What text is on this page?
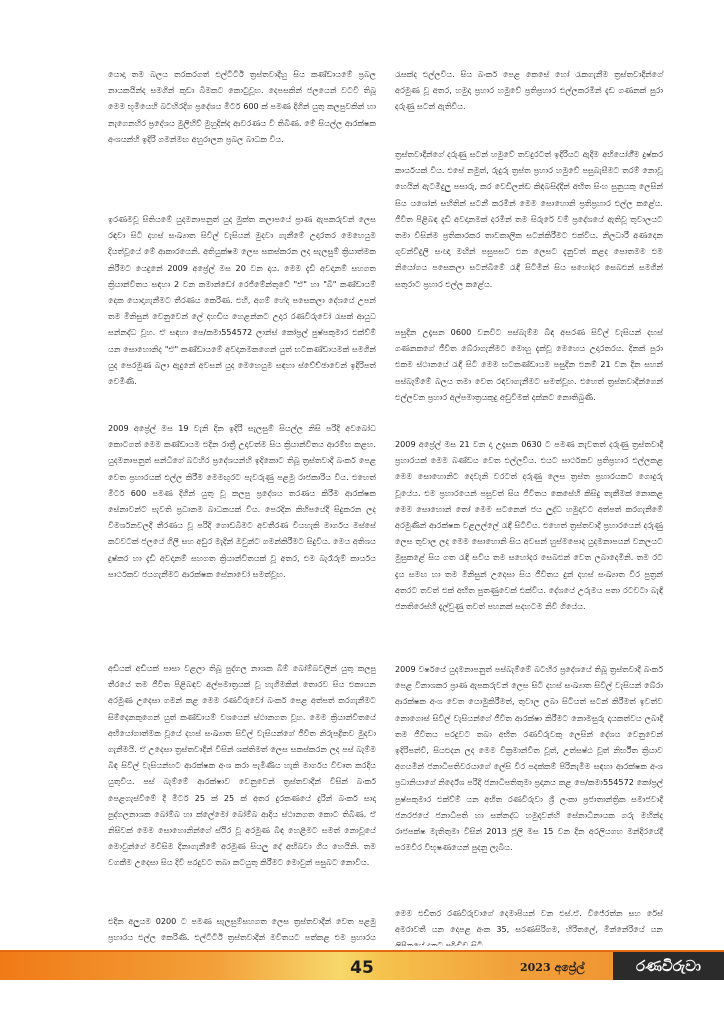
යොදා තම බලය තරකරගත් එල්ටීටීඊ ත්‍රස්තවාදීහු සිය කණ්ඩායමේ ප්‍රබල නායකයින්ද සමගින් කුඩා බිමකට කොටුවූහ. දෙපසකින් ජලයෙන් වටවී තිබූ මෙම භූමියෙහි බටහිරදිග ප්‍රදේශය මීටර් 600 ක් පමණ දිගින් යුතු කලපුවකින් හා නැගෙනහිර ප්‍රදේශය මුලිහිව් මුහුදින්ද ආවරණය වී තිබිණ. මේ සියල්ල ආරක්ෂක අංශයන්හි ඉදිරි ගමන්මඟ අහුරාලන ප්‍රබල බාධක විය.

ඉරණමවූ සිතියමේ යුදමනාපනුත් යුද මුක්ත කලාපයේ ප්‍රාණ ඇපකරුවන් ලෙස රඳවා සිටි දහස් සංඛ්‍යාත සිවිල් වැසියන් මුදවා ගැනීමේ උදාරතර මෙහෙයුම දියත්වූයේ මේ ආකාරයෙනි. අතියුක්ෂම ලෙස සකස්කරන ලද සැලසුම් ක්‍රියාත්මක කිරීමට යෙදුනේ 2009 අප්‍රේල් මස 20 වන දාය. මෙම දැඩි අවදානම් සහගත ක්‍රියාන්විතය සඳහා 2 වන කමාන්ඩෝ රෙජිමේන්තුවේ "ඒ" හා "බී" කණ්ඩායම් දෙක යොදාගැනීමට තීරණය කෙරිණ. එහි, අගම් හේද පසෙකලා දේශයේ උපන් තම මිනිසුන් වෙනුවෙන් ලේ දහඩිය හෙළන්නට උදාර රණවිරුවෝ රැසක් ආයුධ සන්නද්ධ වූහ. ඒ සඳහා පෙ/කමා554572 ලාන්ස් කෝප්‍රල් පුෂ්පකුමාර එක්ව්ම් යන සොහොනිද "ඒ" කණ්ඩායමේ අවදානමකගෙන් යුත් භටකණ්ඩායමක් සමගින් යුද පෙරමුණ බලා ඇදුනේ අවසන් යුද මෙහෙයුම සඳහා ස්වේච්ඡාවෙන් ඉදිරිපත් වෙමිණි.

2009 අප්‍රේල් මස 19 වැනි දින ඉදිරි සැලසුම් සියල්ල නිසි පරිදි අවබෝධ කොටගත් මෙම කණ්ඩායම එදින රාත්‍රී උදාවත්ම සිය ක්‍රියාන්විතය ආරම්භ කළහ. යුදමනාපනුත් සන්ධිගේ බටහිර ප්‍රදේශයන්හි ඉදිකොට තිබූ ත්‍රස්තවාදී බංකර් පෙළ වෙත ප්‍රහාරයක් එල්ල කිරීම මෙමඟුරට පැවරුණු පළමු රාජකාරිය විය. එහෙත් මීටර් 600 පමණ දිගින් යුතු වූ කලපු ප්‍රදේශය තරණය කිරීම ආරක්ෂක සේනාවන්ට පැවති ප්‍රධානම බාධකයක් විය. පෙරදින කිහිපයේදී සිදුකරන ලද විමර්ශනවලදී තීරණය වූ පරිදි ගොඩබිමට අවතීරණ වියහැකි මාර්ගය මස්සේ කටවටක් ජලයේ ගිලී සහ අඩුර මැදින් ඔවුන්ට ගමන්කිරීමට සිදුවිය. මෙය අතිශය දුෂ්කර හා දැඩි අවදානම් සහගත ක්‍රියාන්විතයක් වූ අතර, එම බැරෑරුම් කාර්යය සාර්ථකව ජයගැනීමට ආරක්ෂක සේනාවෝ සමත්වූහ.

අඩියක් අඩියක් පාසා වළලා තිබූ පුද්ගල නාශක බිම් බෝම්බවලින් යුතු කලපු තීරයේ තම ජීවිත පිළිබඳව අල්පමාත්‍රයක් වූ හැගිමකින් තොරව සිය එකායන අරමුණ උදෙසා ගමන් කළ මෙම රණවිරුවෝ බංකර් පෙළ අත්පත් කරගැනීමට සිම්දෙනකුගෙන් යුත් කණ්ඩායම් වශයෙන් ස්ථානගත වූහ. මෙම ක්‍රියාන්විතයේ අභියෝගාත්මක වූයේ දහස් සංඛ්‍යාත සිවිල් වැසියන්ගේ ජීවිත නිරුපද්‍රිතව මුදවා ගැනීමයි. ඒ උදෙසා ත්‍රස්තවාදීන් විසින් ශක්තිමත් ලෙස සකස්කරන ලද පස් බැම්ම බිඳ සිවිල් වැසියන්හට ආරක්ෂක අංශ කරා පැමිණිය හැකි මාර්ගය විවෘත කරදිය යුතුවිය. පස් බැම්මේ ආරක්ෂාව වෙනුවෙන් ත්‍රස්තවාදීන් විසින් බංකර් පෙළගැස්වීමේ දී මීටර් 25 ක් 25 ක් අතර දුරකණයේ දුරින් බංකර් සාදා පුද්ගලනාශක බෝම්බ හා ක්ලේමෝ බෝම්බ ආදිය ස්ථානගත කොට තිබිණ. ඒ නිසිවක් මෙම සොහොනින්ගේ ස්ථිර වූ අරමුණ බිඳ හෙළීමට සමත් නොවූයේ මොවුන්ගේ මවිසිම දිනාගැනීමේ අරමුණ සියලු දේ අභිබවා ගිය හෙයිනි. තම වගකීම උදෙසා සිය දිවි පරදුවට තබා කටයුතු කිරීමට මොවුන් පසුබට නොවිය.

එදින අලුයම 0200 ට පමණ සැලසුම්සහගත ලෙස ත්‍රස්තවාදීන් වෙත පළමු ප්‍රහාරය එල්ල කෙරිණි. එල්ටීටීඊ ත්‍රස්තවාදීන් මවිතයට පත්කළ එම ප්‍රහාරය

රැසක්ද එල්ලවිය. සිය බංකර් පෙළ කෙසේ හෝ රැකගැනීම ත්‍රස්තවාදීන්ගේ අරමුණ වූ අතර, හමුදා ප්‍රහාර හමුවේ ප්‍රතිප්‍රහාර එල්ලකරමින් දැඩ ගණනක් පුරා දරුණු සටන් ඇතිවිය.

ත්‍රස්තවාදීන්ගේ දරුණු සටන් හමුවේ තවදුරටත් ඉදිරියට ඇදීම අභියෝගී්ම දුෂ්කර කාර්යයක් විය. එසේ නමුත්, රුදුරු ත්‍රස්ත ප්‍රහාර හමුවේ පසුබැසීමට තරම් නොවූ හෙයින් ඇටමීදුලු පසාරු, කර වෙඩිලන්ඩ කිඳබසිද්දීන් අභිත සිංහ සුනුයකු ලෙසින් සිය යශෝන් සහිතින් සටනී කරමින් මෙම සොහොනි ප්‍රතිප්‍රහාර එල්ල කළේය. ජීවිත පිළිබඳ දැඩි අවදානමක් දරමින් තම සිරුරේ වම් ප්‍රදේශයේ ඇතිවූ තුවාලයට තමා විසින්ම ප්‍රතිකාරකර තාවකාලික සටන්කිරීමට එක්විය. නිලධාරී අණදෙන ගුවන්විදුලි සංඥා මඟින් පසුපසට එන ලෙසට දැනුවත් කළද පොතමම එම නියෝගය පසෙකලා සටන්බිමේ රැඳී සිටිමින් සිය සහෝදර සෙබළුන් සමගින් සතුරාට ප්‍රහාර එල්ල කළේය.

පසුදින උදෑසන 0600 වනවිට පස්බැම්ම බිඳ අසරණ සිවිල් වැසියන් දහස් ගණනකගේ ජීවිත බේරාගැනීමට මොහු දැක්වූ මෙහෙය උදාරතරය. දිනක් පුරා එකම ස්ථානයේ රැඳී සිටි මෙම භටකණ්ඩායම පසුදින එනම් 21 වන දින සහන් පස්බැම්මේ බලය තමා වෙත රඳවාගැනීමට සමත්වූහ. එහෙත් ත්‍රස්තවාදීන්ගෙන් එල්ලවන ප්‍රහාර අල්පමාත්‍රයකුදු අඩුවීමක් දක්නට නොතිබුණි.

2009 අප්‍රේල් මස 21 වන දා උදෑසන 0630 ට පමණ නැවතත් දරුණු ත්‍රස්තවාදී ප්‍රහාරයක් මෙම බණ්ඩය වෙත එල්ලවිය. එයට සාර්ථකව ප්‍රතිප්‍රහාර එල්ලකළ මෙම සොහොනිට දෙවැනි වරටත් දරුණු ලෙස ත්‍රස්ත ප්‍රහාරයකට ගොදුරු වූයේය. එම ප්‍රහාරයෙන් පසුවත් සිය ජීවිතය කෙසේහි කිසිදු තැකීමක් නොකළ මෙම සොහොන් තෝ මෙම සටනෙන් ජය ලුද්ධ හමුදාවට අත්පත් කරගැනීමේ අරමුණින් ආරක්ෂක වළලල්ලේ රැඳී සිටිවිය. එහෙත් ත්‍රස්තවාදී ප්‍රහාරයෙන් දරුණු ලෙස තුවාල ලද මෙම සොහොනි සිය අවසන් හුස්මපොද යුදමනාපයන් වනලයට මුසුකළේ සිය ගත රැඳි සවිය තම සහෝදර සෙබළුන් වෙත ලබාදෙමිනි. තම රට දැය සමඟ හා තම මිනිසුන් උදෙසා සිය ජීවිතය දුන් දහස් සංඛ්‍යාත වීර පුත්‍රන් අතරට තවත් එක් අභිත පුතණුවෙක් එක්විය. දේශයේ උරුමය පතා රටවටා බැඳි ජනතිරෙස්හි දැල්වුණු තවත් පහනක් සදහටම නිවී ගියේය.

2009 වර්ෂයේ යුදමනාපනුත් පස්බැම්මේ බටහිර ප්‍රදේශයේ තිබූ ත්‍රස්තවාදී බංකර් පෙළ විනාශකර ප්‍රාණ ඇපකරුවන් ලෙස සිටි දහස් සංඛ්‍යාත සිවිල් වැසියන් බේරා ආරක්ෂක අංශ වෙත යොමුකිරීමත්, තුවාල ලබා සිටියත් සටන් කිරීමත් ඉවත්ව නොගොස් සිවිල් වැසියන්ගේ ජීවිත ආරක්ෂා කිරීමට නොමසුරු දායකත්වය ලබාදී තම ජීවිතය පරදුවට තබා අභිත රණවිරුවකු ලෙසින් දේශය වෙනුවෙන් ඉදිරිපත්වී, සියළුදන ලද මෙම වික්‍රමාන්විත වූත්, උත්සෂ්ඨ වූත් නිර්භීත ක්‍රියාව අගයමින් ජනාධිපතිවරයාගේ ලේසි වීර පදක්කම් පිරිනැමීම සඳහා ආරක්ෂක අංශ ප්‍රධානියාගේ නිර්දේශ පරිදි ජනාධිපතිතුමා ප්‍රදානය කළ පෙ/කමා554572 කෝප්‍රල් පුෂ්පකුමාර එක්ව්ම් යන අභිත රණවිරුවා ශ්‍රී ලංකා ප්‍රජාතාන්ත්‍රික සමාජවාදී ජනරජයේ ජනාධිපති හා සන්නද්ධ හමුදාවන්හි සේනාධිනායක ගරු මහින්ද රාජපක්ෂ මැතිතුමා විසින් 2013 ජූලි මස 15 වන දින අරලියගහ මන්දිරයේදී පරමවීර විභූෂණයෙන් පුදනු ලැබිය.

මෙම එඩිතර රණවිරුවාගේ දෙමාපියන් වන එස්.ඒ. විජේරත්න සහ රේස් අමරාවතී යන දෙපළ අංක 35, සරණසිරිගම, හිරිතලේ, මින්නේරියේ යන

45	2023 අප්‍රේල්	රණවිරුවා
